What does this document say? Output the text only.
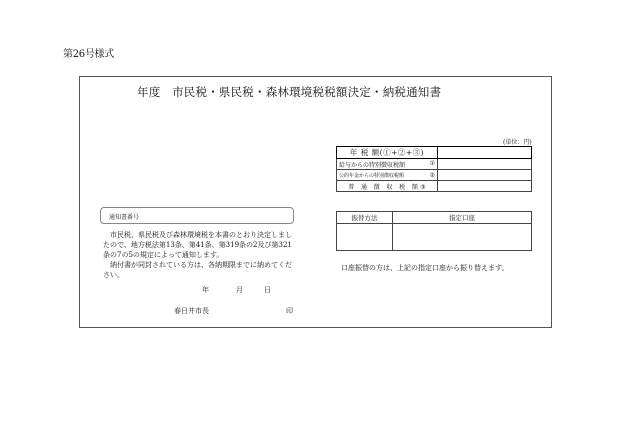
第26号様式
年度　市民税・県民税・森林環境税税額決定・納税通知書
(単位：円)
年 税 額(①+②+③)	
給与からの特別徴収税額 ①	

公的年金からの特別徴収税額 ②	

普 通 徴 収 税 額③	
通知書番号

市民税、県民税及び森林環境税を本書のとおり決定しましたので、地方税法第13条、第41条、第319条の2及び第321条の7の5の規定によって通知します。

納付書が同封されている方は、各納期限までに納めてください。

年	月	日
春日井市長	印
振替方法	指定口座

口座振替の方は、上記の指定口座から振り替えます。
